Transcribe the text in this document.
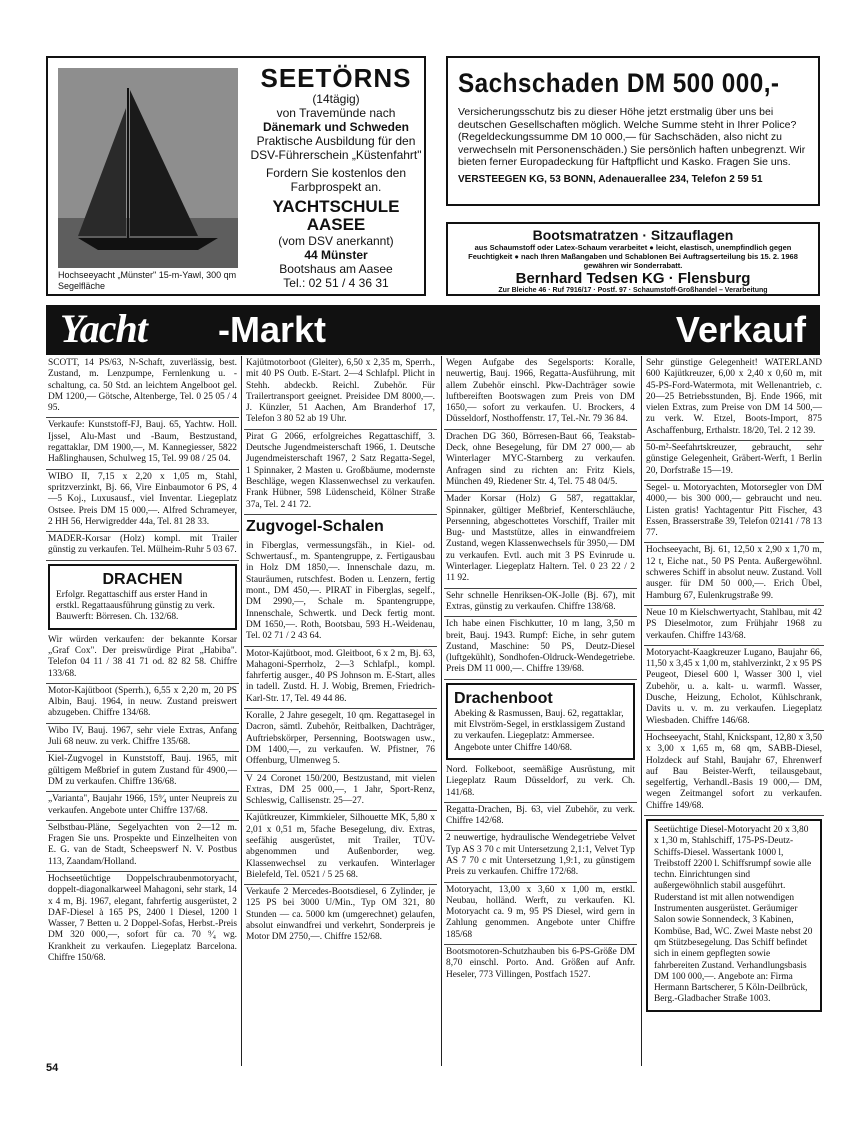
Hochseeyacht „Münster" 15-m-Yawl, 300 qm Segelfläche
SEETÖRNS
(14tägig)
von Travemünde nach
Dänemark und Schweden
Praktische Ausbildung für den DSV-Führerschein „Küstenfahrt"
Fordern Sie kostenlos den Farbprospekt an.
YACHTSCHULE AASEE
(vom DSV anerkannt)
44 Münster
Bootshaus am Aasee
Tel.: 02 51 / 4 36 31
Sachschaden DM 500 000,-
Versicherungsschutz bis zu dieser Höhe jetzt erstmalig über uns bei deutschen Gesellschaften möglich. Welche Summe steht in Ihrer Police? (Regeldeckungssumme DM 10 000,— für Sachschäden, also nicht zu verwechseln mit Personenschäden.) Sie persönlich haften unbegrenzt. Wir bieten ferner Europadeckung für Haftpflicht und Kasko. Fragen Sie uns.
VERSTEEGEN KG, 53 BONN, Adenauerallee 234, Telefon 2 59 51
Bootsmatratzen · Sitzauflagen
aus Schaumstoff oder Latex-Schaum verarbeitet ● leicht, elastisch, unempfindlich gegen Feuchtigkeit ● nach Ihren Maßangaben und Schablonen Bei Auftragserteilung bis 15. 2. 1968 gewähren wir Sonderrabatt.
Bernhard Tedsen KG · Flensburg
Zur Bleiche 46 · Ruf 7916/17 · Postf. 97 · Schaumstoff-Großhandel – Verarbeitung
Yacht -Markt	Verkauf
SCOTT, 14 PS/63, N-Schaft, zuverlässig, best. Zustand, m. Lenzpumpe, Fernlenkung u. -schaltung, ca. 50 Std. an leichtem Angelboot gel. DM 1200,— Götsche, Altenberge, Tel. 0 25 05 / 4 95.
Verkaufe: Kunststoff-FJ, Bauj. 65, Yachtw. Holl. Ijssel, Alu-Mast und -Baum, Bestzustand, regattaklar, DM 1900,—, M. Kannegiesser, 5822 Haßlinghausen, Schulweg 15, Tel. 99 08 / 25 04.
WIBO II, 7,15 x 2,20 x 1,05 m, Stahl, spritzverzinkt, Bj. 66, Vire Einbaumotor 6 PS, 4—5 Koj., Luxusausf., viel Inventar. Liegeplatz Ostsee. Preis DM 15 000,—. Alfred Schrameyer, 2 HH 56, Herwigredder 44a, Tel. 81 28 33.
MADER-Korsar (Holz) kompl. mit Trailer günstig zu verkaufen. Tel. Mülheim-Ruhr 5 03 67.
DRACHEN
Erfolgr. Regattaschiff aus erster Hand in erstkl. Regattaausführung günstig zu verk. Bauwerft: Börresen. Ch. 132/68.
Wir würden verkaufen: der bekannte Korsar „Graf Cox". Der preiswürdige Pirat „Habiba". Telefon 04 11 / 38 41 71 od. 82 82 58. Chiffre 133/68.
Motor-Kajütboot (Sperrh.), 6,55 x 2,20 m, 20 PS Albin, Bauj. 1964, in neuw. Zustand preiswert abzugeben. Chiffre 134/68.
Wibo IV, Bauj. 1967, sehr viele Extras, Anfang Juli 68 neuw. zu verk. Chiffre 135/68.
Kiel-Zugvogel in Kunststoff, Bauj. 1965, mit gültigem Meßbrief in gutem Zustand für 4900,— DM zu verkaufen. Chiffre 136/68.
„Varianta", Baujahr 1966, 15⁹⁄₄ unter Neupreis zu verkaufen. Angebote unter Chiffre 137/68.
Selbstbau-Pläne, Segelyachten von 2—12 m. Fragen Sie uns. Prospekte und Einzelheiten von E. G. van de Stadt, Scheepswerf N. V. Postbus 113, Zaandam/Holland.
Hochseetüchtige Doppelschraubenmotoryacht, doppelt-diagonalkarweel Mahagoni, sehr stark, 14 x 4 m, Bj. 1967, elegant, fahrfertig ausgerüstet, 2 DAF-Diesel à 165 PS, 2400 l Diesel, 1200 l Wasser, 7 Betten u. 2 Doppel-Sofas, Herbst.-Preis DM 320 000,—, sofort für ca. 70 ⁹⁄₄ wg. Krankheit zu verkaufen. Liegeplatz Barcelona. Chiffre 150/68.
Kajütmotorboot (Gleiter), 6,50 x 2,35 m, Sperrh., mit 40 PS Outb. E-Start. 2—4 Schlafpl. Plicht in Stehh. abdeckb. Reichl. Zubehör. Für Trailertransport geeignet. Preisidee DM 8000,—. J. Künzler, 51 Aachen, Am Branderhof 17, Telefon 3 80 52 ab 19 Uhr.
Pirat G 2066, erfolgreiches Regattaschiff, 3. Deutsche Jugendmeisterschaft 1966, 1. Deutsche Jugendmeisterschaft 1967, 2 Satz Regatta-Segel, 1 Spinnaker, 2 Masten u. Großbäume, modernste Beschläge, wegen Klassenwechsel zu verkaufen. Frank Hübner, 598 Lüdenscheid, Kölner Straße 37a, Tel. 2 41 72.
Zugvogel-Schalen
in Fiberglas, vermessungsfäh., in Kiel- od. Schwertausf., m. Spantengruppe, z. Fertigausbau in Holz DM 1850,—. Innenschale dazu, m. Stauräumen, rutschfest. Boden u. Lenzern, fertig mont., DM 450,—. PIRAT in Fiberglas, segelf., DM 2990,—, Schale m. Spantengruppe, Innenschale, Schwertk. und Deck fertig mont. DM 1650,—. Roth, Bootsbau, 593 H.-Weidenau, Tel. 02 71 / 2 43 64.
Motor-Kajütboot, mod. Gleitboot, 6 x 2 m, Bj. 63, Mahagoni-Sperrholz, 2—3 Schlafpl., kompl. fahrfertig ausger., 40 PS Johnson m. E-Start, alles in tadell. Zustd. H. J. Wobig, Bremen, Friedrich-Karl-Str. 17, Tel. 49 44 86.
Koralle, 2 Jahre gesegelt, 10 qm. Regattasegel in Dacron, sämtl. Zubehör, Reitbalken, Dachträger, Auftriebskörper, Persenning, Bootswagen usw., DM 1400,—, zu verkaufen. W. Pfistner, 76 Offenburg, Ulmenweg 5.
V 24 Coronet 150/200, Bestzustand, mit vielen Extras, DM 25 000,—, 1 Jahr, Sport-Renz, Schleswig, Callisenstr. 25—27.
Kajütkreuzer, Kimmkieler, Silhouette MK, 5,80 x 2,01 x 0,51 m, 5fache Besegelung, div. Extras, seefähig ausgerüstet, mit Trailer, TÜV-abgenommen und Außenborder, weg. Klassenwechsel zu verkaufen. Winterlager Bielefeld, Tel. 0521 / 5 25 68.
Verkaufe 2 Mercedes-Bootsdiesel, 6 Zylinder, je 125 PS bei 3000 U/Min., Typ OM 321, 80 Stunden — ca. 5000 km (umgerechnet) gelaufen, absolut einwandfrei und verkehrt, Sonderpreis je Motor DM 2750,—. Chiffre 152/68.
Wegen Aufgabe des Segelsports: Koralle, neuwertig, Bauj. 1966, Regatta-Ausführung, mit allem Zubehör einschl. Pkw-Dachträger sowie luftbereiften Bootswagen zum Preis von DM 1650,— sofort zu verkaufen. U. Brockers, 4 Düsseldorf, Nosthoffenstr. 17, Tel.-Nr. 79 36 84.
Drachen DG 360, Börresen-Baut 66, Teakstab-Deck, ohne Besegelung, für DM 27 000,— ab Winterlager MYC-Starnberg zu verkaufen. Anfragen sind zu richten an: Fritz Kiels, München 49, Riedener Str. 4, Tel. 75 48 04/5.
Mader Korsar (Holz) G 587, regattaklar, Spinnaker, gültiger Meßbrief, Kenterschläuche, Persenning, abgeschottetes Vorschiff, Trailer mit Bug- und Maststütze, alles in einwandfreiem Zustand, wegen Klassenwechsels für 3950,— DM zu verkaufen. Evtl. auch mit 3 PS Evinrude u. Winterlager. Liegeplatz Haltern. Tel. 0 23 22 / 2 11 92.
Sehr schnelle Henriksen-OK-Jolle (Bj. 67), mit Extras, günstig zu verkaufen. Chiffre 138/68.
Ich habe einen Fischkutter, 10 m lang, 3,50 m breit, Bauj. 1943. Rumpf: Eiche, in sehr gutem Zustand, Maschine: 50 PS, Deutz-Diesel (luftgekühlt), Sondhofen-Oldruck-Wendegetriebe. Preis DM 11 000,—. Chiffre 139/68.
Drachenboot
Abeking & Rasmussen, Bauj. 62, regattaklar, mit Elvström-Segel, in erstklassigem Zustand zu verkaufen. Liegeplatz: Ammersee. Angebote unter Chiffre 140/68.
Nord. Folkeboot, seemäßige Ausrüstung, mit Liegeplatz Raum Düsseldorf, zu verk. Ch. 141/68.
Regatta-Drachen, Bj. 63, viel Zubehör, zu verk. Chiffre 142/68.
2 neuwertige, hydraulische Wendegetriebe Velvet Typ AS 3 70 c mit Untersetzung 2,1:1, Velvet Typ AS 7 70 c mit Untersetzung 1,9:1, zu günstigem Preis zu verkaufen. Chiffre 172/68.
Motoryacht, 13,00 x 3,60 x 1,00 m, erstkl. Neubau, holländ. Werft, zu verkaufen. Kl. Motoryacht ca. 9 m, 95 PS Diesel, wird gern in Zahlung genommen. Angebote unter Chiffre 185/68
Bootsmotoren-Schutzhauben bis 6-PS-Größe DM 8,70 einschl. Porto. And. Größen auf Anfr. Heseler, 773 Villingen, Postfach 1527.
Sehr günstige Gelegenheit! WATERLAND 600 Kajütkreuzer, 6,00 x 2,40 x 0,60 m, mit 45-PS-Ford-Watermota, mit Wellenantrieb, c. 20—25 Betriebsstunden, Bj. Ende 1966, mit vielen Extras, zum Preise von DM 14 500,— zu verk. W. Etzel, Boots-Import, 875 Aschaffenburg, Erthalstr. 18/20, Tel. 2 12 39.
50-m²-Seefahrtskreuzer, gebraucht, sehr günstige Gelegenheit, Gräbert-Werft, 1 Berlin 20, Dorfstraße 15—19.
Segel- u. Motoryachten, Motorsegler von DM 4000,— bis 300 000,— gebraucht und neu. Listen gratis! Yachtagentur Pitt Fischer, 43 Essen, Brasserstraße 39, Telefon 02141 / 78 13 77.
Hochseeyacht, Bj. 61, 12,50 x 2,90 x 1,70 m, 12 t, Eiche nat., 50 PS Penta. Außergewöhnl. schweres Schiff in absolut neuw. Zustand. Voll ausger. für DM 50 000,—. Erich Übel, Hamburg 67, Eulenkrugstraße 99.
Neue 10 m Kielschwertyacht, Stahlbau, mit 42 PS Dieselmotor, zum Frühjahr 1968 zu verkaufen. Chiffre 143/68.
Motoryacht-Kaagkreuzer Lugano, Baujahr 66, 11,50 x 3,45 x 1,00 m, stahlverzinkt, 2 x 95 PS Peugeot, Diesel 600 l, Wasser 300 l, viel Zubehör, u. a. kalt- u. warmfl. Wasser, Dusche, Heizung, Echolot, Kühlschrank, Davits u. v. m. zu verkaufen. Liegeplatz Wiesbaden. Chiffre 146/68.
Hochseeyacht, Stahl, Knickspant, 12,80 x 3,50 x 3,00 x 1,65 m, 68 qm, SABB-Diesel, Holzdeck auf Stahl, Baujahr 67, Ehrenwerf auf Bau Beister-Werft, teilausgebaut, segelfertig, Verhandl.-Basis 19 000,— DM, wegen Zeitmangel sofort zu verkaufen. Chiffre 149/68.
Seetüchtige Diesel-Motoryacht 20 x 3,80 x 1,30 m, Stahlschiff, 175-PS-Deutz-Schiffs-Diesel. Wassertank 1000 l, Treibstoff 2200 l. Schiffsrumpf sowie alle techn. Einrichtungen sind außergewöhnlich stabil ausgeführt. Ruderstand ist mit allen notwendigen Instrumenten ausgerüstet. Geräumiger Salon sowie Sonnendeck, 3 Kabinen, Kombüse, Bad, WC. Zwei Maste nebst 20 qm Stützbesegelung. Das Schiff befindet sich in einem gepflegten sowie fahrbereiten Zustand. Verhandlungsbasis DM 100 000,—. Angebote an: Firma Hermann Bartscherer, 5 Köln-Deilbrück, Berg.-Gladbacher Straße 1003.
54
